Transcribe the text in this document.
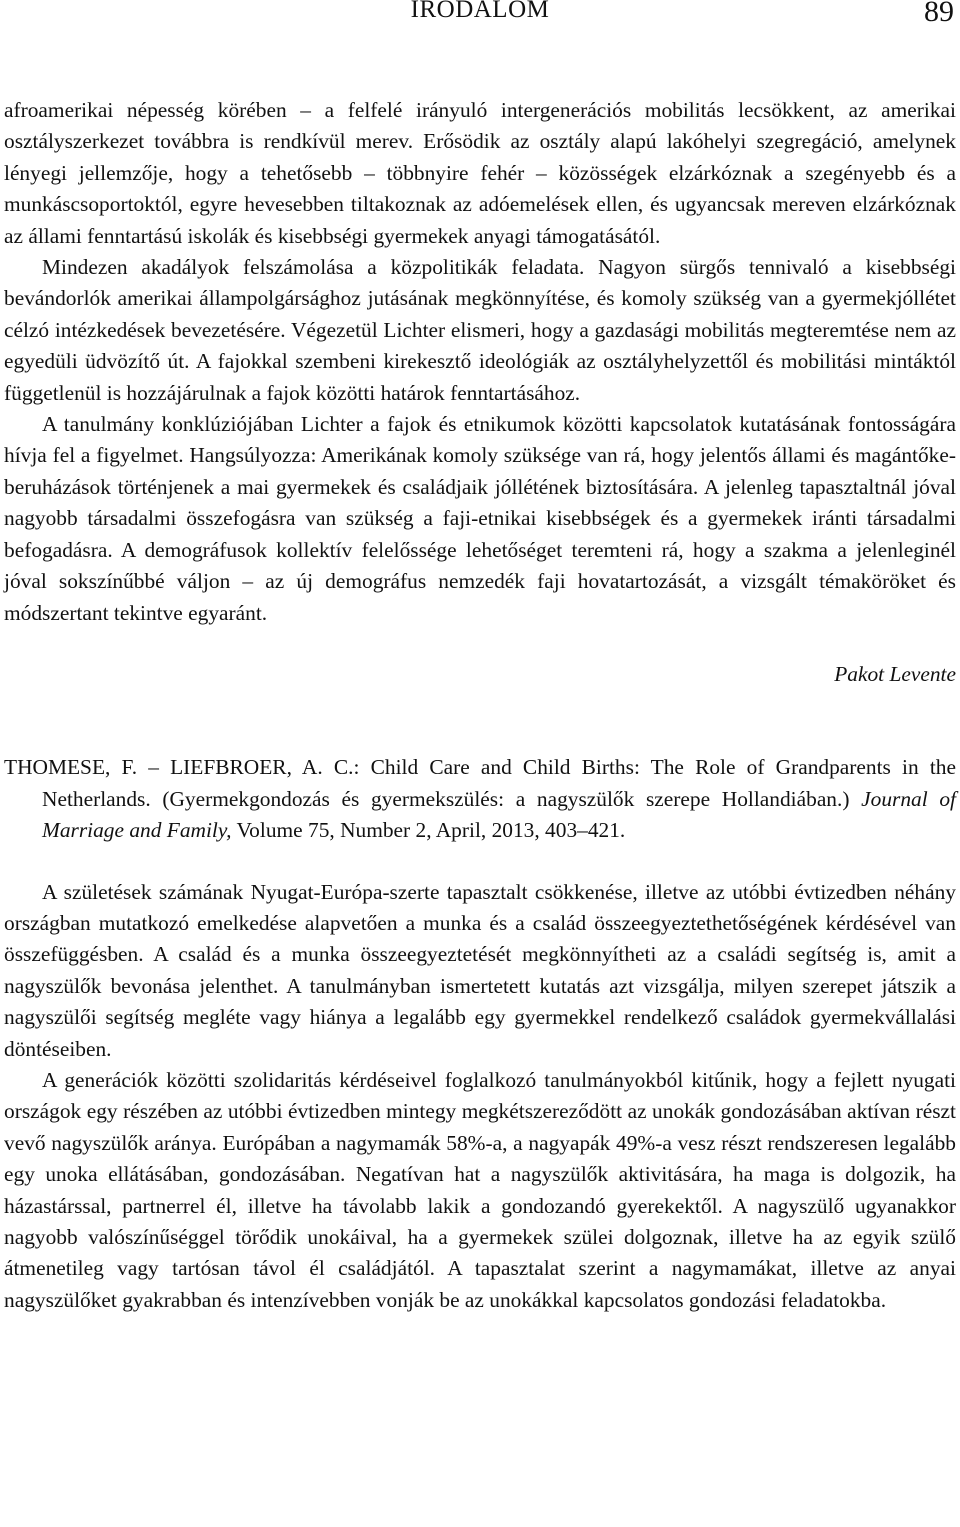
IRODALOM	89

afroamerikai népesség körében – a felfelé irányuló intergenerációs mobilitás lecsökkent, az amerikai osztályszerkezet továbbra is rendkívül merev. Erősödik az osztály alapú lakóhelyi szegregáció, amelynek lényegi jellemzője, hogy a tehetősebb – többnyire fehér – közösségek elzárkóznak a szegényebb és a munkáscsoportoktól, egyre hevesebben tiltakoznak az adóemelések ellen, és ugyancsak mereven elzárkóznak az állami fenntartású iskolák és kisebbségi gyermekek anyagi támogatásától.

Mindezen akadályok felszámolása a közpolitikák feladata. Nagyon sürgős tennivaló a kisebbségi bevándorlók amerikai állampolgársághoz jutásának megkönnyítése, és komoly szükség van a gyermekjóllétet célzó intézkedések bevezetésére. Végezetül Lichter elismeri, hogy a gazdasági mobilitás megteremtése nem az egyedüli üdvözítő út. A fajokkal szembeni kirekesztő ideológiák az osztályhelyzettől és mobilitási mintáktól függetlenül is hozzájárulnak a fajok közötti határok fenntartásához.

A tanulmány konklúziójában Lichter a fajok és etnikumok közötti kapcsolatok kutatásának fontosságára hívja fel a figyelmet. Hangsúlyozza: Amerikának komoly szüksége van rá, hogy jelentős állami és magántőke-beruházások történjenek a mai gyermekek és családjaik jóllétének biztosítására. A jelenleg tapasztaltnál jóval nagyobb társadalmi összefogásra van szükség a faji-etnikai kisebbségek és a gyermekek iránti társadalmi befogadásra. A demográfusok kollektív felelőssége lehetőséget teremteni rá, hogy a szakma a jelenleginél jóval sokszínűbbé váljon – az új demográfus nemzedék faji hovatartozását, a vizsgált témaköröket és módszertant tekintve egyaránt.

Pakot Levente

THOMESE, F. – LIEFBROER, A. C.: Child Care and Child Births: The Role of Grandparents in the Netherlands. (Gyermekgondozás és gyermekszülés: a nagyszülők szerepe Hollandiában.) Journal of Marriage and Family, Volume 75, Number 2, April, 2013, 403–421.

A születések számának Nyugat-Európa-szerte tapasztalt csökkenése, illetve az utóbbi évtizedben néhány országban mutatkozó emelkedése alapvetően a munka és a család összeegyeztethetőségének kérdésével van összefüggésben. A család és a munka összeegyeztetését megkönnyítheti az a családi segítség is, amit a nagyszülők bevonása jelenthet. A tanulmányban ismertetett kutatás azt vizsgálja, milyen szerepet játszik a nagyszülői segítség megléte vagy hiánya a legalább egy gyermekkel rendelkező családok gyermekvállalási döntéseiben.

A generációk közötti szolidaritás kérdéseivel foglalkozó tanulmányokból kitűnik, hogy a fejlett nyugati országok egy részében az utóbbi évtizedben mintegy megkétszereződött az unokák gondozásában aktívan részt vevő nagyszülők aránya. Európában a nagymamák 58%-a, a nagyapák 49%-a vesz részt rendszeresen legalább egy unoka ellátásában, gondozásában. Negatívan hat a nagyszülők aktivitására, ha maga is dolgozik, ha házastárssal, partnerrel él, illetve ha távolabb lakik a gondozandó gyerekektől. A nagyszülő ugyanakkor nagyobb valószínűséggel törődik unokáival, ha a gyermekek szülei dolgoznak, illetve ha az egyik szülő átmenetileg vagy tartósan távol él családjától. A tapasztalat szerint a nagymamákat, illetve az anyai nagyszülőket gyakrabban és intenzívebben vonják be az unokákkal kapcsolatos gondozási feladatokba.
